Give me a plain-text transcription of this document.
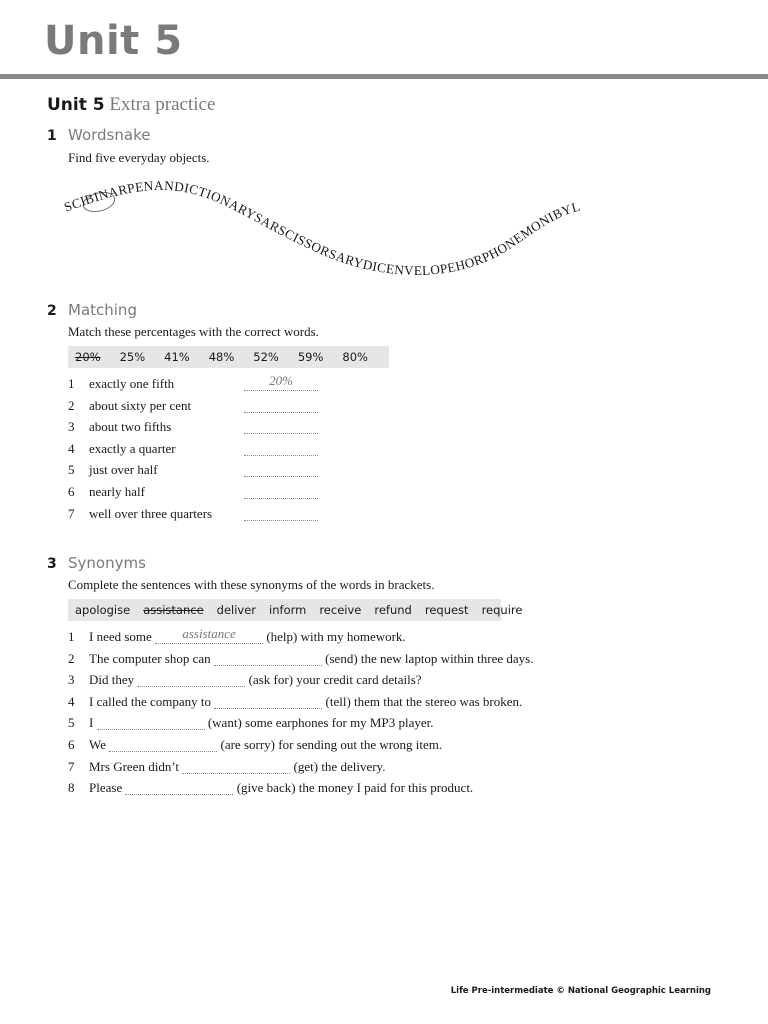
Unit 5
Unit 5 Extra practice
1 Wordsnake
Find five everyday objects.
SCIBINARPENANDICTIONARYSARSCISSORSARYDICENVELOPEHORPHONEMONIBYL
2 Matching
Match these percentages with the correct words.
20% 25% 41% 48% 52% 59% 80%
1	exactly one fifth	20%
2	about sixty per cent
3	about two fifths
4	exactly a quarter
5	just over half
6	nearly half
7	well over three quarters
3 Synonyms
Complete the sentences with these synonyms of the words in brackets.
apologise assistance deliver inform receive refund request require
1	I need some	assistance	(help) with my homework.
2	The computer shop can	(send) the new laptop within three days.
3	Did they	(ask for) your credit card details?
4	I called the company to	(tell) them that the stereo was broken.
5	I	(want) some earphones for my MP3 player.
6	We	(are sorry) for sending out the wrong item.
7	Mrs Green didn’t	(get) the delivery.
8	Please	(give back) the money I paid for this product.
Life Pre-intermediate © National Geographic Learning
